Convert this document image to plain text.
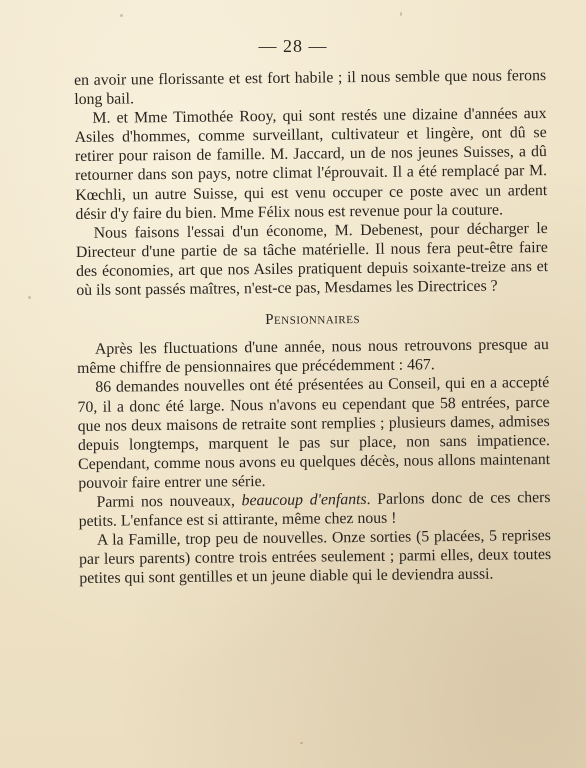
— 28 —

en avoir une florissante et est fort habile ; il nous semble que nous ferons long bail.

M. et Mme Timothée Rooy, qui sont restés une dizaine d'années aux Asiles d'hommes, comme surveillant, cultivateur et lingère, ont dû se retirer pour raison de famille. M. Jaccard, un de nos jeunes Suisses, a dû retourner dans son pays, notre climat l'éprouvait. Il a été remplacé par M. Kœchli, un autre Suisse, qui est venu occuper ce poste avec un ardent désir d'y faire du bien. Mme Félix nous est revenue pour la couture.

Nous faisons l'essai d'un économe, M. Debenest, pour décharger le Directeur d'une partie de sa tâche matérielle. Il nous fera peut-être faire des économies, art que nos Asiles pratiquent depuis soixante-treize ans et où ils sont passés maîtres, n'est-ce pas, Mesdames les Directrices ?

Pensionnaires

Après les fluctuations d'une année, nous nous retrouvons presque au même chiffre de pensionnaires que précédemment : 467.

86 demandes nouvelles ont été présentées au Conseil, qui en a accepté 70, il a donc été large. Nous n'avons eu cependant que 58 entrées, parce que nos deux maisons de retraite sont remplies ; plusieurs dames, admises depuis longtemps, marquent le pas sur place, non sans impatience. Cependant, comme nous avons eu quelques décès, nous allons maintenant pouvoir faire entrer une série.

Parmi nos nouveaux, beaucoup d'enfants. Parlons donc de ces chers petits. L'enfance est si attirante, même chez nous !

A la Famille, trop peu de nouvelles. Onze sorties (5 placées, 5 reprises par leurs parents) contre trois entrées seulement ; parmi elles, deux toutes petites qui sont gentilles et un jeune diable qui le deviendra aussi.
